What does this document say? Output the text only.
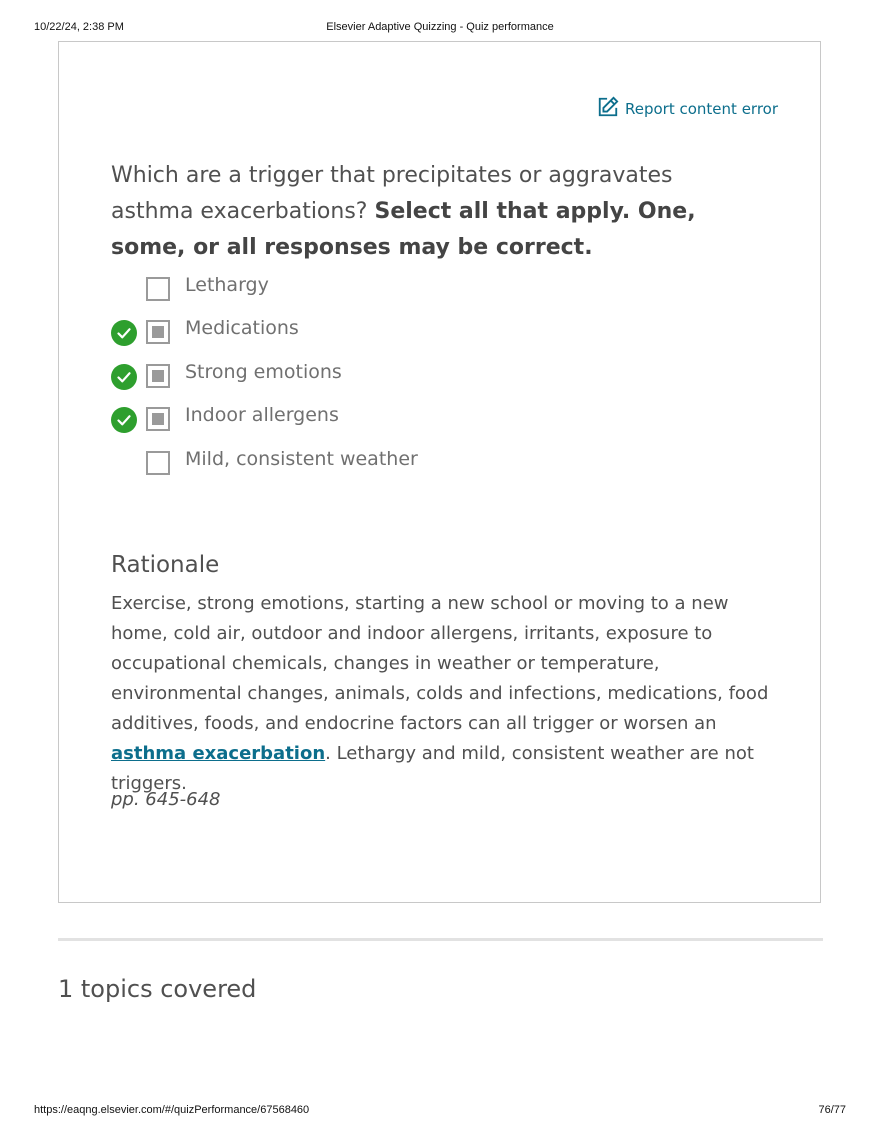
10/22/24, 2:38 PM	Elsevier Adaptive Quizzing - Quiz performance
Report content error
Which are a trigger that precipitates or aggravates asthma exacerbations? Select all that apply. One, some, or all responses may be correct.
Lethargy
Medications
Strong emotions
Indoor allergens
Mild, consistent weather
Rationale
Exercise, strong emotions, starting a new school or moving to a new home, cold air, outdoor and indoor allergens, irritants, exposure to occupational chemicals, changes in weather or temperature, environmental changes, animals, colds and infections, medications, food additives, foods, and endocrine factors can all trigger or worsen an asthma exacerbation. Lethargy and mild, consistent weather are not triggers.
pp. 645-648
1 topics covered
https://eaqng.elsevier.com/#/quizPerformance/67568460	76/77
